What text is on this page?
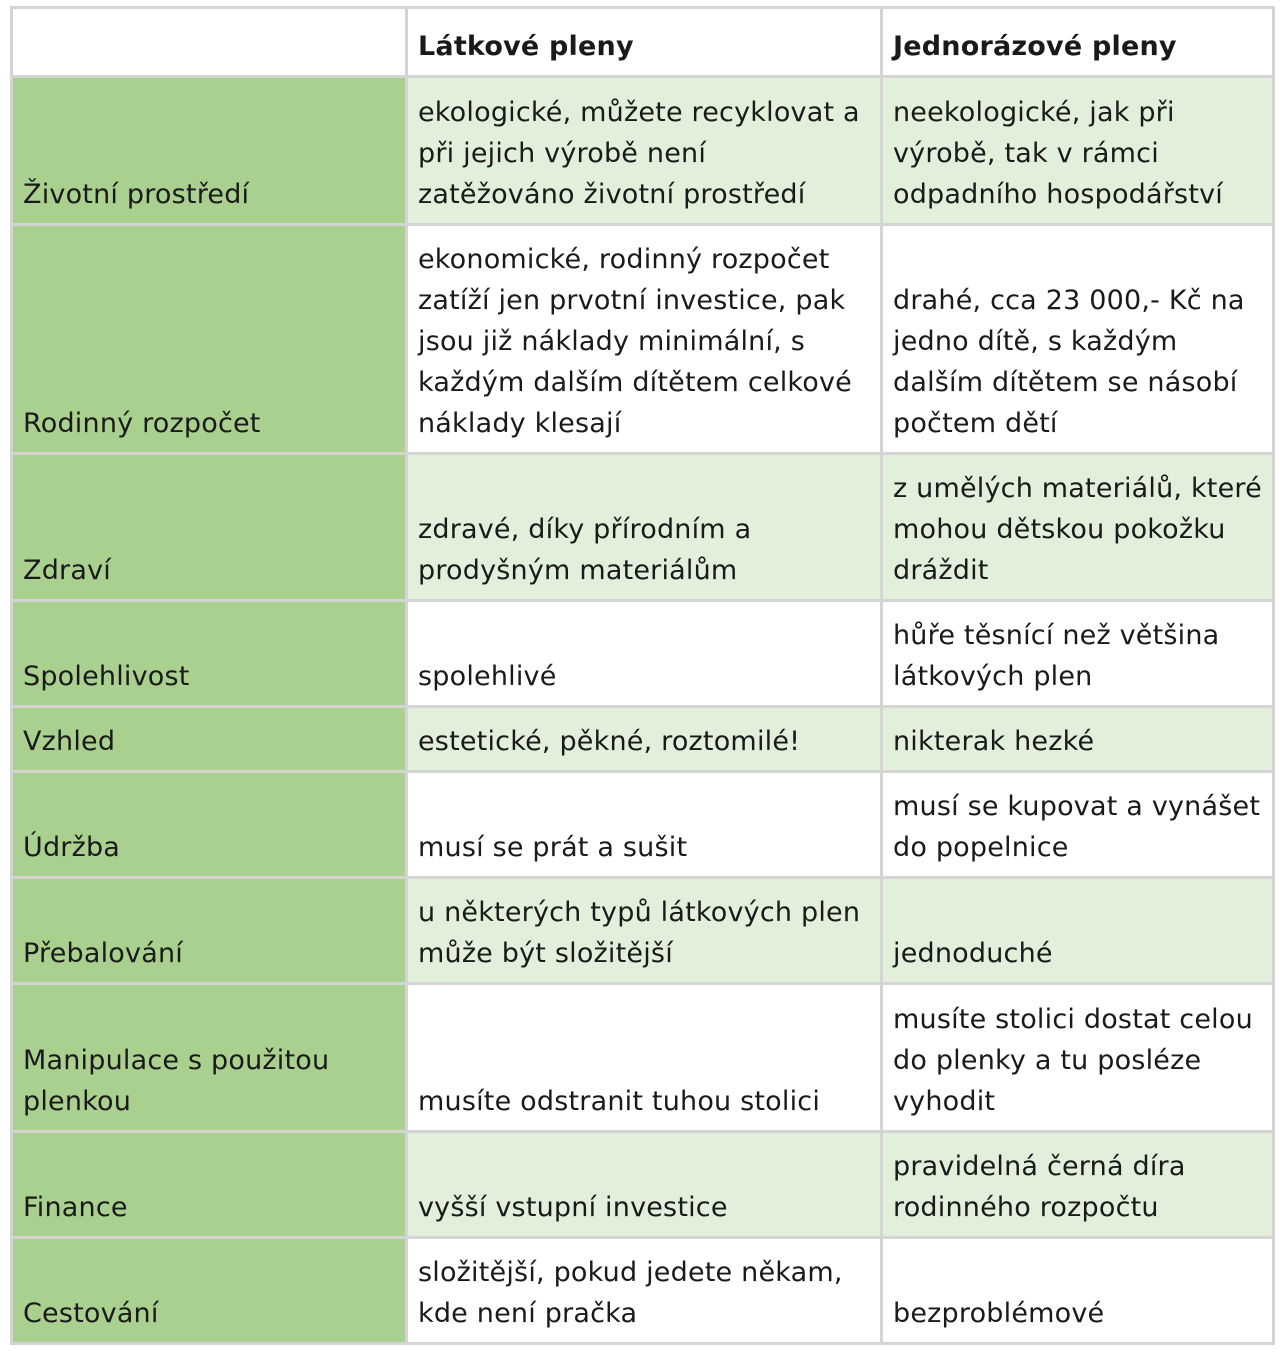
	Látkové pleny	Jednorázové pleny
Životní prostředí	ekologické, můžete recyklovat a při jejich výrobě není zatěžováno životní prostředí	neekologické, jak při výrobě, tak v rámci odpadního hospodářství
Rodinný rozpočet	ekonomické, rodinný rozpočet zatíží jen prvotní investice, pak jsou již náklady minimální, s každým dalším dítětem celkové náklady klesají	drahé, cca 23 000,- Kč na jedno dítě, s každým dalším dítětem se násobí počtem dětí
Zdraví	zdravé, díky přírodním a prodyšným materiálům	z umělých materiálů, které mohou dětskou pokožku dráždit
Spolehlivost	spolehlivé	hůře těsnící než většina látkových plen
Vzhled	estetické, pěkné, roztomilé!	nikterak hezké
Údržba	musí se prát a sušit	musí se kupovat a vynášet do popelnice
Přebalování	u některých typů látkových plen může být složitější	jednoduché
Manipulace s použitou plenkou	musíte odstranit tuhou stolici	musíte stolici dostat celou do plenky a tu posléze vyhodit
Finance	vyšší vstupní investice	pravidelná černá díra rodinného rozpočtu
Cestování	složitější, pokud jedete někam, kde není pračka	bezproblémové
